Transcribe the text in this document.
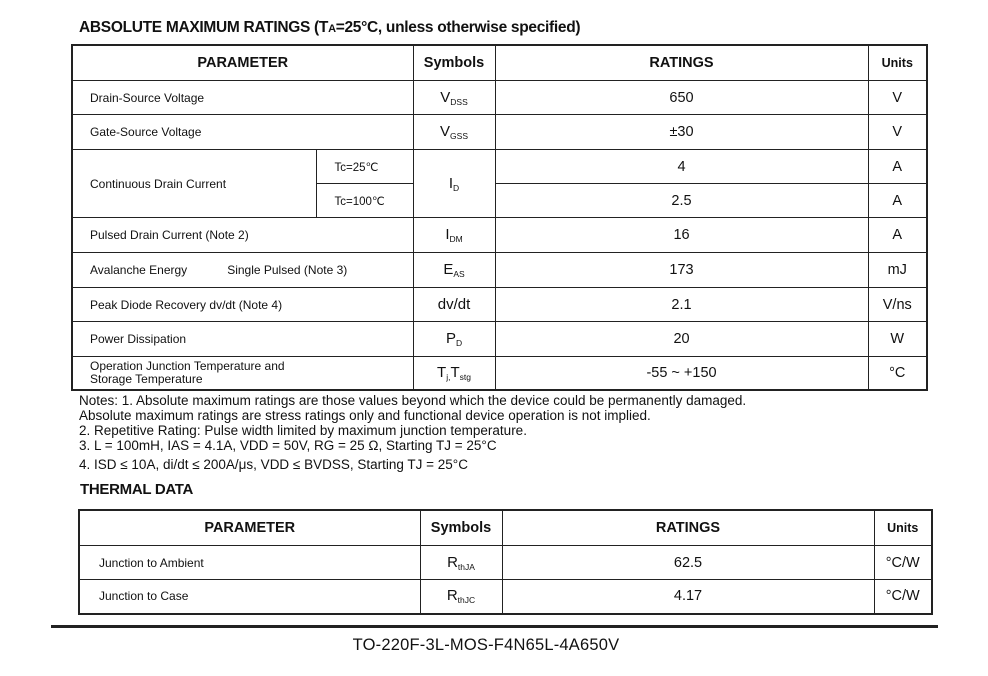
ABSOLUTE MAXIMUM RATINGS (TA=25°C, unless otherwise specified)
PARAMETER		Symbols	RATINGS	Units
Drain-Source Voltage		$V_{DSS}$	650	V
Gate-Source Voltage		$V_{GSS}$	±30	V
Continuous Drain Current	Tc=25℃	$I_D$	4	A
	Tc=100℃		2.5	A
Pulsed Drain Current (Note 2)		$I_{DM}$	16	A
Avalanche Energy Single Pulsed (Note 3)		$E_{AS}$	173	mJ
Peak Diode Recovery dv/dt (Note 4)		dv/dt	2.1	V/ns
Power Dissipation		$P_D$	20	W

Operation Junction Temperature and
Storage Temperature		$T_{j,}T_{stg}$	-55 ~ +150	°C
Notes: 1. Absolute maximum ratings are those values beyond which the device could be permanently damaged.
Absolute maximum ratings are stress ratings only and functional device operation is not implied.
2. Repetitive Rating: Pulse width limited by maximum junction temperature.
3. L = 100mH, IAS = 4.1A, VDD = 50V, RG = 25 Ω, Starting TJ = 25°C
4. ISD ≤ 10A, di/dt ≤ 200A/μs, VDD ≤ BVDSS, Starting TJ = 25°C
THERMAL DATA
PARAMETER	Symbols	RATINGS	Units
Junction to Ambient	$R_{thJA}$	62.5	°C/W
Junction to Case	$R_{thJC}$	4.17	°C/W
TO-220F-3L-MOS-F4N65L-4A650V
